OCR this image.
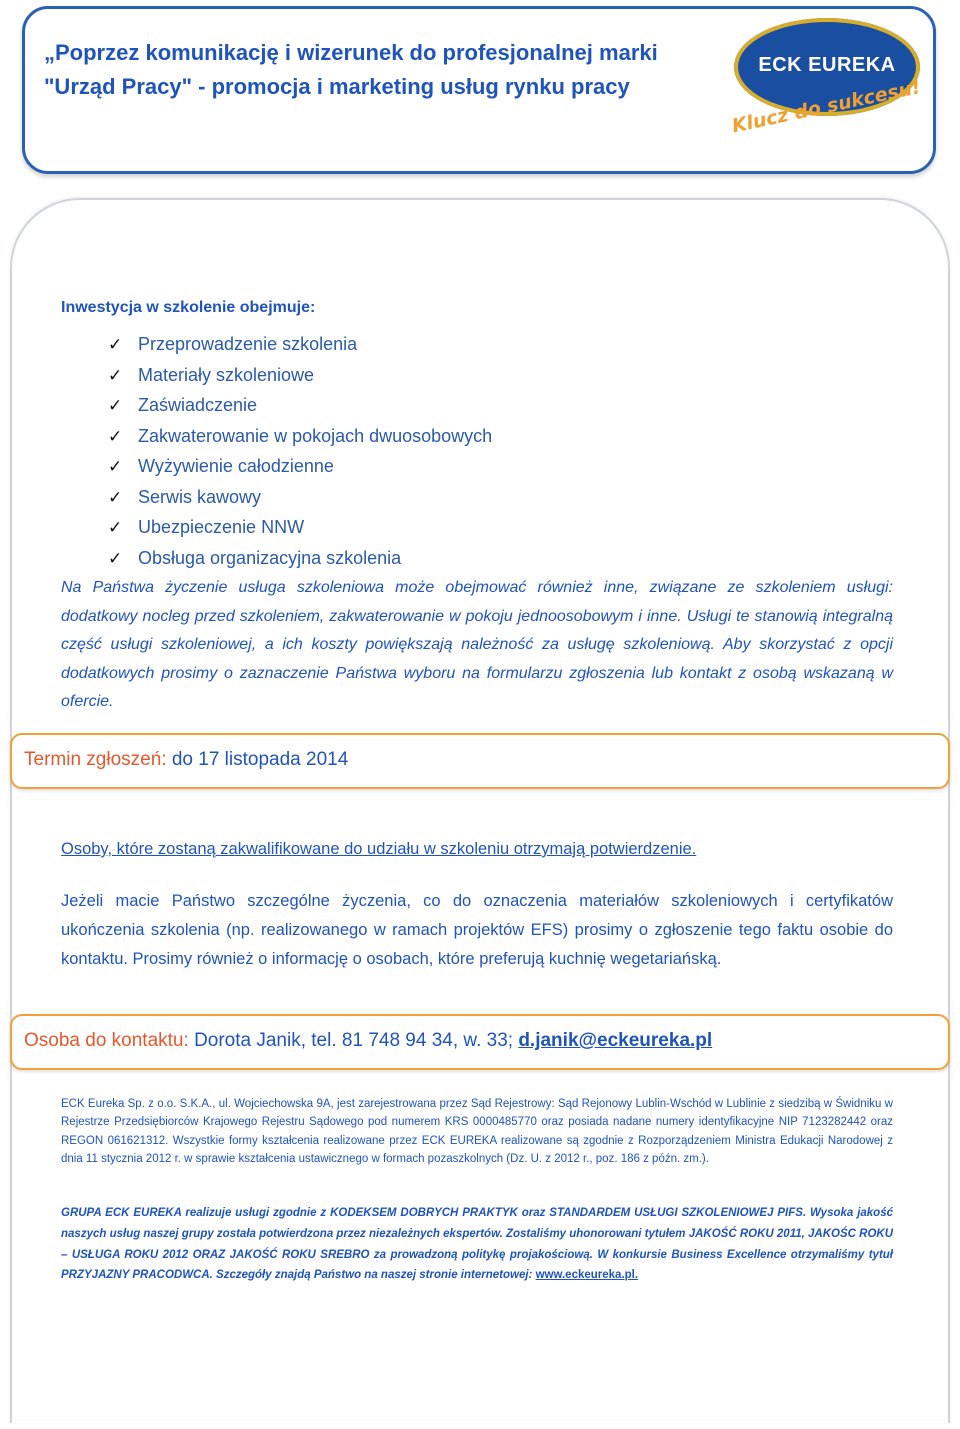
„Poprzez komunikację i wizerunek do profesjonalnej marki "Urząd Pracy" - promocja i marketing usług rynku pracy
ECK EUREKA
Klucz do sukcesu!
Inwestycja w szkolenie obejmuje:
✓ Przeprowadzenie szkolenia
✓ Materiały szkoleniowe
✓ Zaświadczenie
✓ Zakwaterowanie w pokojach dwuosobowych
✓ Wyżywienie całodzienne
✓ Serwis kawowy
✓ Ubezpieczenie NNW
✓ Obsługa organizacyjna szkolenia

Na Państwa życzenie usługa szkoleniowa może obejmować również inne, związane ze szkoleniem usługi: dodatkowy nocleg przed szkoleniem, zakwaterowanie w pokoju jednoosobowym i inne. Usługi te stanowią integralną część usługi szkoleniowej, a ich koszty powiększają należność za usługę szkoleniową. Aby skorzystać z opcji dodatkowych prosimy o zaznaczenie Państwa wyboru na formularzu zgłoszenia lub kontakt z osobą wskazaną w ofercie.

Termin zgłoszeń: do 17 listopada 2014
Osoby, które zostaną zakwalifikowane do udziału w szkoleniu otrzymają potwierdzenie.

Jeżeli macie Państwo szczególne życzenia, co do oznaczenia materiałów szkoleniowych i certyfikatów ukończenia szkolenia (np. realizowanego w ramach projektów EFS) prosimy o zgłoszenie tego faktu osobie do kontaktu. Prosimy również o informację o osobach, które preferują kuchnię wegetariańską.

Osoba do kontaktu: Dorota Janik, tel. 81 748 94 34, w. 33; d.janik@eckeureka.pl

ECK Eureka Sp. z o.o. S.K.A., ul. Wojciechowska 9A, jest zarejestrowana przez Sąd Rejestrowy: Sąd Rejonowy Lublin-Wschód w Lublinie z siedzibą w Świdniku w Rejestrze Przedsiębiorców Krajowego Rejestru Sądowego pod numerem KRS 0000485770 oraz posiada nadane numery identyfikacyjne NIP 7123282442 oraz REGON 061621312. Wszystkie formy kształcenia realizowane przez ECK EUREKA realizowane są zgodnie z Rozporządzeniem Ministra Edukacji Narodowej z dnia 11 stycznia 2012 r. w sprawie kształcenia ustawicznego w formach pozaszkolnych (Dz. U. z 2012 r., poz. 186 z późn. zm.).

GRUPA ECK EUREKA realizuje usługi zgodnie z KODEKSEM DOBRYCH PRAKTYK oraz STANDARDEM USŁUGI SZKOLENIOWEJ PIFS. Wysoka jakość naszych usług naszej grupy została potwierdzona przez niezależnych ekspertów. Zostaliśmy uhonorowani tytułem JAKOŚĆ ROKU 2011, JAKOŚC ROKU – USŁUGA ROKU 2012 ORAZ JAKOŚĆ ROKU SREBRO za prowadzoną politykę projakościową. W konkursie Business Excellence otrzymaliśmy tytuł PRZYJAZNY PRACODWCA. Szczegóły znajdą Państwo na naszej stronie internetowej: www.eckeureka.pl.
